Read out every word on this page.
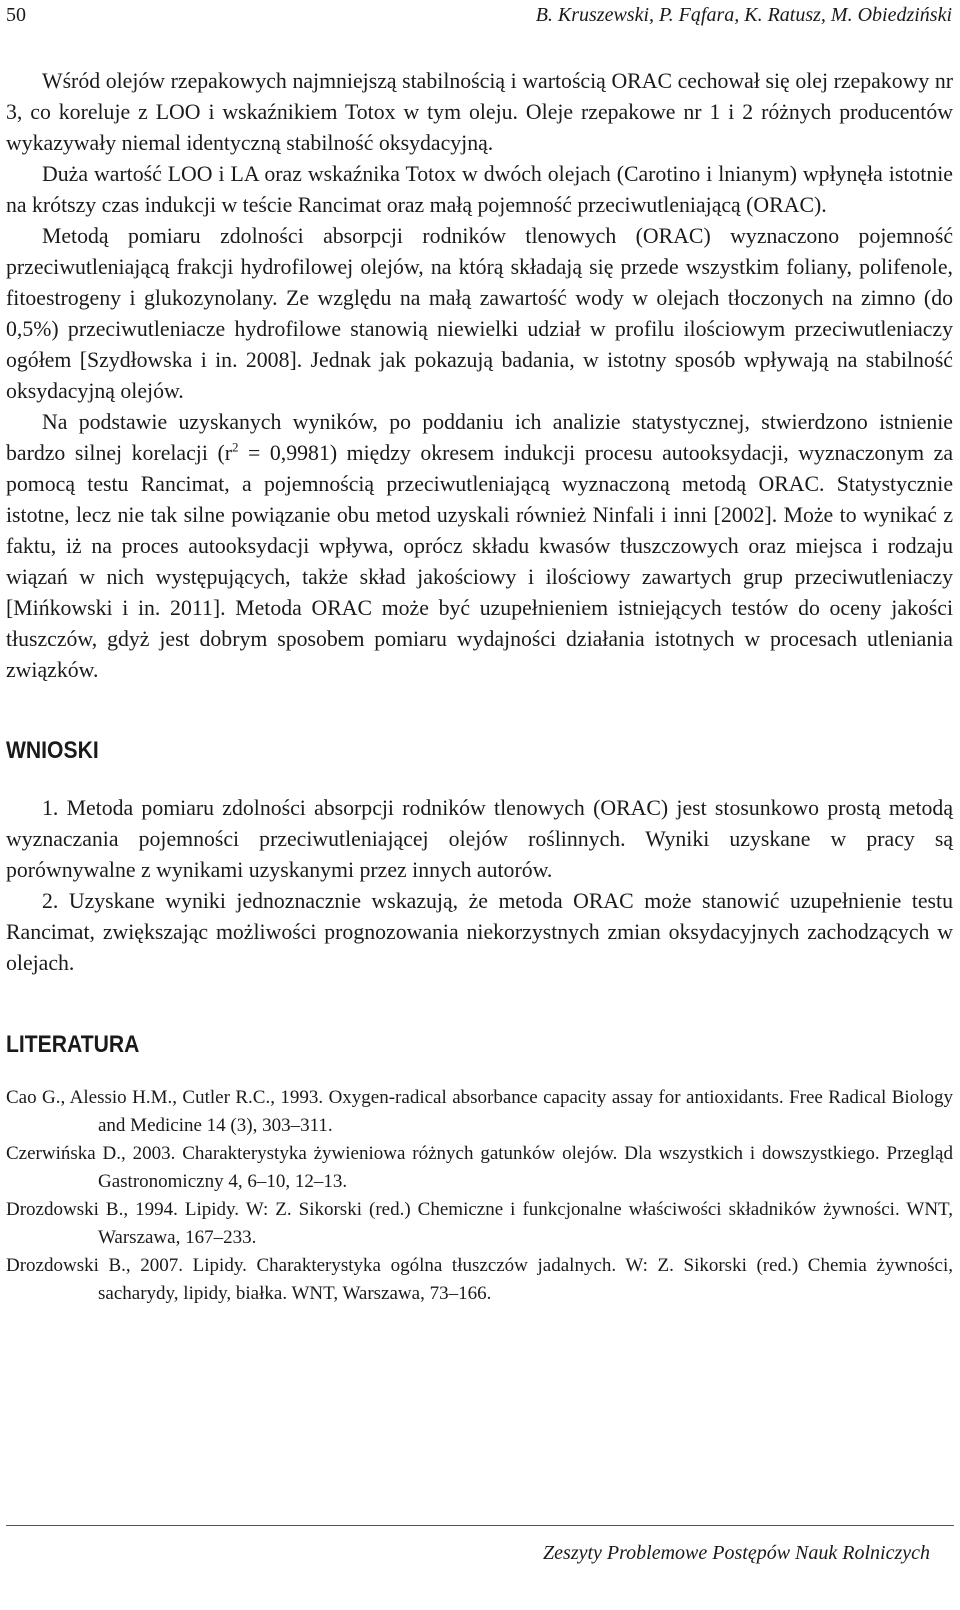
50	B. Kruszewski, P. Fąfara, K. Ratusz, M. Obiedziński

Wśród olejów rzepakowych najmniejszą stabilnością i wartością ORAC cechował się olej rzepakowy nr 3, co koreluje z LOO i wskaźnikiem Totox w tym oleju. Oleje rzepakowe nr 1 i 2 różnych producentów wykazywały niemal identyczną stabilność oksydacyjną.

Duża wartość LOO i LA oraz wskaźnika Totox w dwóch olejach (Carotino i lnianym) wpłynęła istotnie na krótszy czas indukcji w teście Rancimat oraz małą pojemność przeciwutleniającą (ORAC).

Metodą pomiaru zdolności absorpcji rodników tlenowych (ORAC) wyznaczono pojemność przeciwutleniającą frakcji hydrofilowej olejów, na którą składają się przede wszystkim foliany, polifenole, fitoestrogeny i glukozynolany. Ze względu na małą zawartość wody w olejach tłoczonych na zimno (do 0,5%) przeciwutleniacze hydrofilowe stanowią niewielki udział w profilu ilościowym przeciwutleniaczy ogółem [Szydłowska i in. 2008]. Jednak jak pokazują badania, w istotny sposób wpływają na stabilność oksydacyjną olejów.

Na podstawie uzyskanych wyników, po poddaniu ich analizie statystycznej, stwierdzono istnienie bardzo silnej korelacji $(r^2 = 0,9981)$ między okresem indukcji procesu autooksydacji, wyznaczonym za pomocą testu Rancimat, a pojemnością przeciwutleniającą wyznaczoną metodą ORAC. Statystycznie istotne, lecz nie tak silne powiązanie obu metod uzyskali również Ninfali i inni [2002]. Może to wynikać z faktu, iż na proces autooksydacji wpływa, oprócz składu kwasów tłuszczowych oraz miejsca i rodzaju wiązań w nich występujących, także skład jakościowy i ilościowy zawartych grup przeciwutleniaczy [Mińkowski i in. 2011]. Metoda ORAC może być uzupełnieniem istniejących testów do oceny jakości tłuszczów, gdyż jest dobrym sposobem pomiaru wydajności działania istotnych w procesach utleniania związków.

WNIOSKI

1. Metoda pomiaru zdolności absorpcji rodników tlenowych (ORAC) jest stosunkowo prostą metodą wyznaczania pojemności przeciwutleniającej olejów roślinnych. Wyniki uzyskane w pracy są porównywalne z wynikami uzyskanymi przez innych autorów.

2. Uzyskane wyniki jednoznacznie wskazują, że metoda ORAC może stanowić uzupełnienie testu Rancimat, zwiększając możliwości prognozowania niekorzystnych zmian oksydacyjnych zachodzących w olejach.

LITERATURA
Cao G., Alessio H.M., Cutler R.C., 1993. Oxygen-radical absorbance capacity assay for antioxidants. Free Radical Biology and Medicine 14 (3), 303–311.
Czerwińska D., 2003. Charakterystyka żywieniowa różnych gatunków olejów. Dla wszystkich i dowszystkiego. Przegląd Gastronomiczny 4, 6–10, 12–13.
Drozdowski B., 1994. Lipidy. W: Z. Sikorski (red.) Chemiczne i funkcjonalne właściwości składników żywności. WNT, Warszawa, 167–233.
Drozdowski B., 2007. Lipidy. Charakterystyka ogólna tłuszczów jadalnych. W: Z. Sikorski (red.) Chemia żywności, sacharydy, lipidy, białka. WNT, Warszawa, 73–166.
Zeszyty Problemowe Postępów Nauk Rolniczych
